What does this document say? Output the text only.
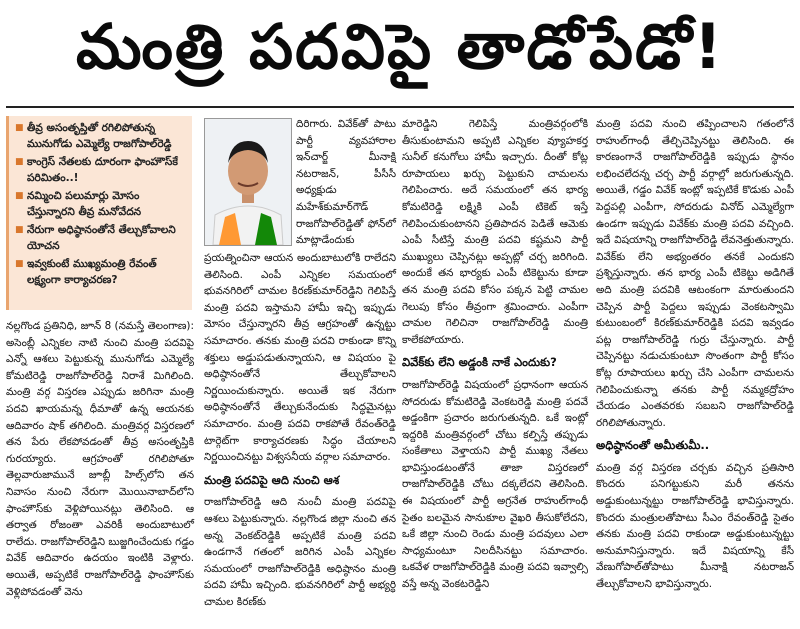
మంత్రి పదవిపై తాడోపేడో!
■ తీవ్ర అసంతృప్తితో రగిలిపోతున్న మునుగోడు ఎమ్మెల్యే రాజగోపాల్‌రెడ్డి
■ కాంగ్రెస్‌ నేతలకు దూరంగా ఫాంహౌస్‌కే పరిమితం..!
■ నమ్మించి పలుమార్లు మోసం చేస్తున్నారని తీవ్ర మనోవేదన
■ నేరుగా అధిష్ఠానంతోనే తేల్చుకోవాలని యోచన
■ ఇవ్వకుంటే ముఖ్యమంత్రి రేవంత్‌ లక్ష్యంగా కార్యాచరణ?

నల్లగొండ ప్రతినిధి, జూన్‌ 8 (నమస్తే తెలంగాణ): అసెంబ్లీ ఎన్నికల నాటి నుంచి మంత్రి పదవిపై ఎన్నో ఆశలు పెట్టుకున్న మునుగోడు ఎమ్మెల్యే కోమటిరెడ్డి రాజగోపాల్‌రెడ్డి నిరాశే మిగిలింది. మంత్రి వర్గ విస్తరణ ఎప్పుడు జరిగినా మంత్రి పదవి ఖాయమన్న ధీమాతో ఉన్న ఆయనకు ఆదివారం షాక్‌ తగిలింది. మంత్రివర్గ విస్తరణలో తన పేరు లేకపోవడంతో తీవ్ర అసంతృప్తికి గురయ్యారు. ఆగ్రహంతో రగిలిపోతూ తెల్లవారుజామునే జూబ్లీ హిల్స్‌లోని తన నివాసం నుంచి నేరుగా మొయినాబాద్‌లోని ఫాంహౌస్‌కు వెళ్లిపోయినట్లు తెలిసింది. ఆ తర్వాత రోజంతా ఎవరికీ అందుబాటులో రాలేదు. రాజగోపాల్‌రెడ్డిని బుజ్జగించేందుకు గడ్డం వివేక్‌ ఆదివారం ఉదయం ఇంటికి వెళ్లారు. అయితే, అప్పటికే రాజగోపాల్‌రెడ్డి ఫాంహౌస్‌కు వెళ్లిపోవడంతో వెను

దిరిగారు. వివేక్‌తో పాటు పార్టీ వ్యవహారాల ఇన్‌చార్జ్‌ మీనాక్షి నటరాజన్‌, పీసీసీ అధ్యక్షుడు మహేశ్‌కుమార్‌గౌడ్‌ రాజగోపాల్‌రెడ్డితో ఫోన్‌లో మాట్లాడేందుకు

ప్రయత్నించినా ఆయన అందుబాటులోకి రాలేదని తెలిసింది. ఎంపీ ఎన్నికల సమయంలో భువనగిరిలో చామల కిరణ్‌కుమార్‌రెడ్డిని గెలిపిస్తే మంత్రి పదవి ఇస్తామని హామీ ఇచ్చి ఇప్పుడు మోసం చేస్తున్నారని తీవ్ర ఆగ్రహంతో ఉన్నట్టు సమాచారం. తనకు మంత్రి పదవి రాకుండా కొన్ని శక్తులు అడ్డుపడుతున్నాయని, ఆ విషయం పై అధిష్ఠానంతోనే తేల్చుకోవాలని నిర్ణయించుకున్నారు. అయితే ఇక నేరుగా అధిష్ఠానంతోనే తేల్చుకునేందుకు సిద్ధమైనట్లు సమాచారం. మంత్రి పదవి రాకపోతే రేవంత్‌రెడ్డి టార్గెట్‌గా కార్యాచరణకు సిద్ధం చేయాలని నిర్ణయించినట్టు విశ్వసనీయ వర్గాల సమాచారం.

మంత్రి పదవిపై ఆది నుంచి ఆశ

రాజగోపాల్‌రెడ్డి ఆది నుంచీ మంత్రి పదవిపై ఆశలు పెట్టుకున్నారు. నల్లగొండ జిల్లా నుంచి తన అన్న వెంకట్‌రెడ్డికి అప్పటికే మంత్రి పదవి ఉండగానే గతంలో జరిగిన ఎంపీ ఎన్నికల సమయంలో రాజగోపాల్‌రెడ్డికి అధిష్ఠానం మంత్రి పదవి హామీ ఇచ్చింది. భువనగిరిలో పార్టీ అభ్యర్థి చామల కిరణ్‌కు

మారెడ్డిని గెలిపిస్తే మంత్రివర్గంలోకి తీసుకుంటామని అప్పటి ఎన్నికల వ్యూహకర్త సునీల్‌ కనుగోలు హామీ ఇచ్చారు. దీంతో కోట్ల రూపాయలు ఖర్చు పెట్టుకుని చామలను గెలిపించారు. అదే సమయంలో తన భార్య కోమటిరెడ్డి లక్ష్మికి ఎంపీ టికెట్‌ ఇస్తే గెలిపించుకుంటానని ప్రతిపాదన పెడితే ఆమెకు ఎంపీ సీటిస్తే మంత్రి పదవి కష్టమని పార్టీ ముఖ్యులు చెప్పినట్లు అప్పట్లో చర్చ జరిగింది. అందుకే తన భార్యకు ఎంపీ టికెట్టును కూడా తన మంత్రి పదవి కోసం పక్కన పెట్టి చామల గెలుపు కోసం తీవ్రంగా శ్రమించారు. ఎంపీగా చామల గెలిచినా రాజగోపాల్‌రెడ్డి మంత్రి కాలేకపోయారు.

వివేక్‌కు లేని అడ్డంకి నాకే ఎందుకు?

రాజగోపాల్‌రెడ్డి విషయంలో ప్రధానంగా ఆయన సోదరుడు కోమటిరెడ్డి వెంకటరెడ్డి మంత్రి పదవే అడ్డంకిగా ప్రచారం జరుగుతున్నది. ఒకే ఇంట్లో ఇద్దరికి మంత్రివర్గంలో చోటు కల్పిస్తే తప్పుడు సంకేతాలు వెళ్తాయని పార్టీ ముఖ్య నేతలు భావిస్తుండటంతోనే తాజా విస్తరణలో రాజగోపాల్‌రెడ్డికి చోటు దక్కలేదని తెలిసింది. ఈ విషయంలో పార్టీ అగ్రనేత రాహుల్‌గాంధీ సైతం బలమైన సానుకూల వైఖరి తీసుకోలేదని, ఒకే జిల్లా నుంచి రెండు మంత్రి పదవులు ఎలా సాధ్యమంటూ నిలదీసినట్టు సమాచారం. ఒకవేళ రాజగోపాల్‌రెడ్డికి మంత్రి పదవి ఇవ్వాల్సి వస్తే అన్న వెంకటరెడ్డిని

మంత్రి పదవి నుంచి తప్పించాలని గతంలోనే రాహుల్‌గాంధీ తేల్చిచెప్పినట్టు తెలిసింది. ఈ కారణంగానే రాజగోపాల్‌రెడ్డికి ఇప్పుడు స్థానం లభించలేదన్న చర్చ పార్టీ వర్గాల్లో జరుగుతున్నది. అయితే, గడ్డం వివేక్‌ ఇంట్లో ఇప్పటికే కొడుకు ఎంపీ పెద్దపల్లి ఎంపీగా, సోదరుడు వినోద్‌ ఎమ్మెల్యేగా ఉండగా ఇప్పుడు వివేక్‌కు మంత్రి పదవి వచ్చింది. ఇదే విషయాన్ని రాజగోపాల్‌రెడ్డి లేవనెత్తుతున్నారు. వివేక్‌కు లేని అభ్యంతరం తనకే ఎందుకని ప్రశ్నిస్తున్నారు. తన భార్య ఎంపీ టికెట్టు అడిగితే అది మంత్రి పదవికి ఆటంకంగా మారుతుందని చెప్పిన పార్టీ పెద్దలు ఇప్పుడు వెంకటస్వామి కుటుంబంలో కిరణ్‌కుమార్‌రెడ్డికి పదవి ఇవ్వడం పట్ల రాజగోపాల్‌రెడ్డి గుర్రు చేస్తున్నారు. పార్టీ చెప్పినట్టు నడుచుకుంటూ సొంతంగా పార్టీ కోసం కోట్ల రూపాయలు ఖర్చు చేసి ఎంపీగా చామలను గెలిపించుకున్నా తనకు పార్టీ నమ్మకద్రోహం చేయడం ఎంతవరకు సబబని రాజగోపాల్‌రెడ్డి రగిలిపోతున్నారు.

అధిష్ఠానంతో అమీతుమీ..

మంత్రి వర్గ విస్తరణ చర్చకు వచ్చిన ప్రతిసారి కొందరు పనిగట్టుకుని మరీ తనను అడ్డుకుంటున్నట్టు రాజగోపాల్‌రెడ్డి భావిస్తున్నారు. కొందరు మంత్రులతోపాటు సీఎం రేవంత్‌రెడ్డి సైతం తనకు మంత్రి పదవి రాకుండా అడ్డుకుంటున్నట్టు అనుమానిస్తున్నారు. ఇదే విషయాన్ని కేసీ వేణుగోపాల్‌తోపాటు మీనాక్షి నటరాజన్‌ తేల్చుకోవాలని భావిస్తున్నారు.
